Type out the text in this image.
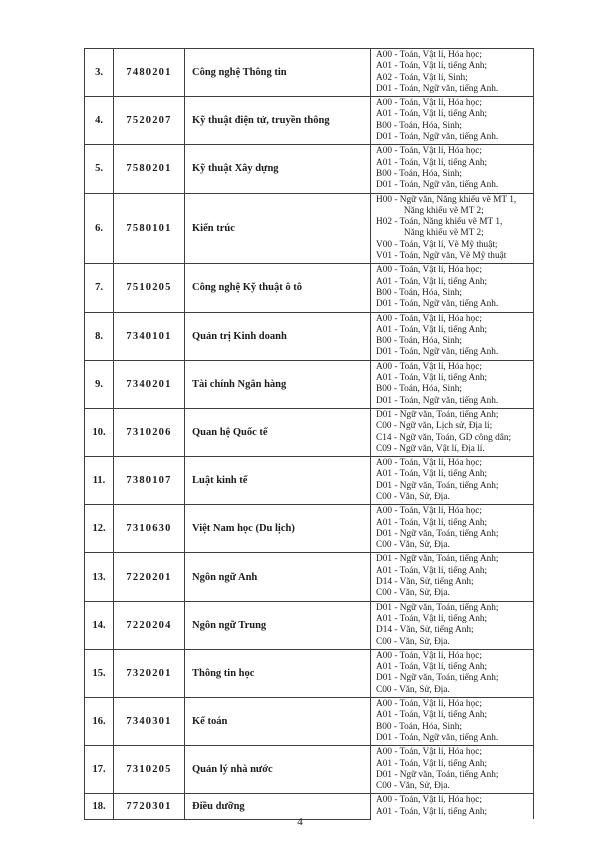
3.	7480201	Công nghệ Thông tin	A00 - Toán, Vật lí, Hóa học;
A01 - Toán, Vật lí, tiếng Anh;
A02 - Toán, Vật lí, Sinh;
D01 - Toán, Ngữ văn, tiếng Anh.

4.	7520207	Kỹ thuật điện tử, truyền thông	A00 - Toán, Vật lí, Hóa học;
A01 - Toán, Vật lí, tiếng Anh;
B00 - Toán, Hóa, Sinh;
D01 - Toán, Ngữ văn, tiếng Anh.

5.	7580201	Kỹ thuật Xây dựng	A00 - Toán, Vật lí, Hóa học;
A01 - Toán, Vật lí, tiếng Anh;
B00 - Toán, Hóa, Sinh;
D01 - Toán, Ngữ văn, tiếng Anh.

6.	7580101	Kiến trúc	
H00 - Ngữ văn, Năng khiếu vẽ MT 1,
Năng khiếu vẽ MT 2;
H02 - Toán, Năng khiếu vẽ MT 1,
Năng khiếu vẽ MT 2;
V00 - Toán, Vật lí, Vẽ Mỹ thuật;
V01 - Toán, Ngữ văn, Vẽ Mỹ thuật

7.	7510205	Công nghệ Kỹ thuật ô tô	A00 - Toán, Vật lí, Hóa học;
A01 - Toán, Vật lí, tiếng Anh;
B00 - Toán, Hóa, Sinh;
D01 - Toán, Ngữ văn, tiếng Anh.

8.	7340101	Quản trị Kinh doanh	A00 - Toán, Vật lí, Hóa học;
A01 - Toán, Vật lí, tiếng Anh;
B00 - Toán, Hóa, Sinh;
D01 - Toán, Ngữ văn, tiếng Anh.

9.	7340201	Tài chính Ngân hàng	A00 - Toán, Vật lí, Hóa học;
A01 - Toán, Vật lí, tiếng Anh;
B00 - Toán, Hóa, Sinh;
D01 - Toán, Ngữ văn, tiếng Anh.

10.	7310206	Quan hệ Quốc tế	D01 - Ngữ văn, Toán, tiếng Anh;
C00 - Ngữ văn, Lịch sử, Địa lí;
C14 - Ngữ văn, Toán, GD công dân;
C09 - Ngữ văn, Vật lí, Địa lí.

11.	7380107	Luật kinh tế	A00 - Toán, Vật lí, Hóa học;
A01 - Toán, Vật lí, tiếng Anh;
D01 - Ngữ văn, Toán, tiếng Anh;
C00 - Văn, Sử, Địa.

12.	7310630	Việt Nam học (Du lịch)	A00 - Toán, Vật lí, Hóa học;
A01 - Toán, Vật lí, tiếng Anh;
D01 - Ngữ văn, Toán, tiếng Anh;
C00 - Văn, Sử, Địa.

13.	7220201	Ngôn ngữ Anh	D01 - Ngữ văn, Toán, tiếng Anh;
A01 - Toán, Vật lí, tiếng Anh;
D14 - Văn, Sử, tiếng Anh;
C00 - Văn, Sử, Địa.

14.	7220204	Ngôn ngữ Trung	D01 - Ngữ văn, Toán, tiếng Anh;
A01 - Toán, Vật lí, tiếng Anh;
D14 - Văn, Sử, tiếng Anh;
C00 - Văn, Sử, Địa.

15.	7320201	Thông tin học	A00 - Toán, Vật lí, Hóa học;
A01 - Toán, Vật lí, tiếng Anh;
D01 - Ngữ văn, Toán, tiếng Anh;
C00 - Văn, Sử, Địa.

16.	7340301	Kế toán	A00 - Toán, Vật lí, Hóa học;
A01 - Toán, Vật lí, tiếng Anh;
B00 - Toán, Hóa, Sinh;
D01 - Toán, Ngữ văn, tiếng Anh.

17.	7310205	Quản lý nhà nước	A00 - Toán, Vật lí, Hóa học;
A01 - Toán, Vật lí, tiếng Anh;
D01 - Ngữ văn, Toán, tiếng Anh;
C00 - Văn, Sử, Địa.

18.	7720301	Điều dưỡng	A00 - Toán, Vật lí, Hóa học;
A01 - Toán, Vật lí, tiếng Anh;
4
